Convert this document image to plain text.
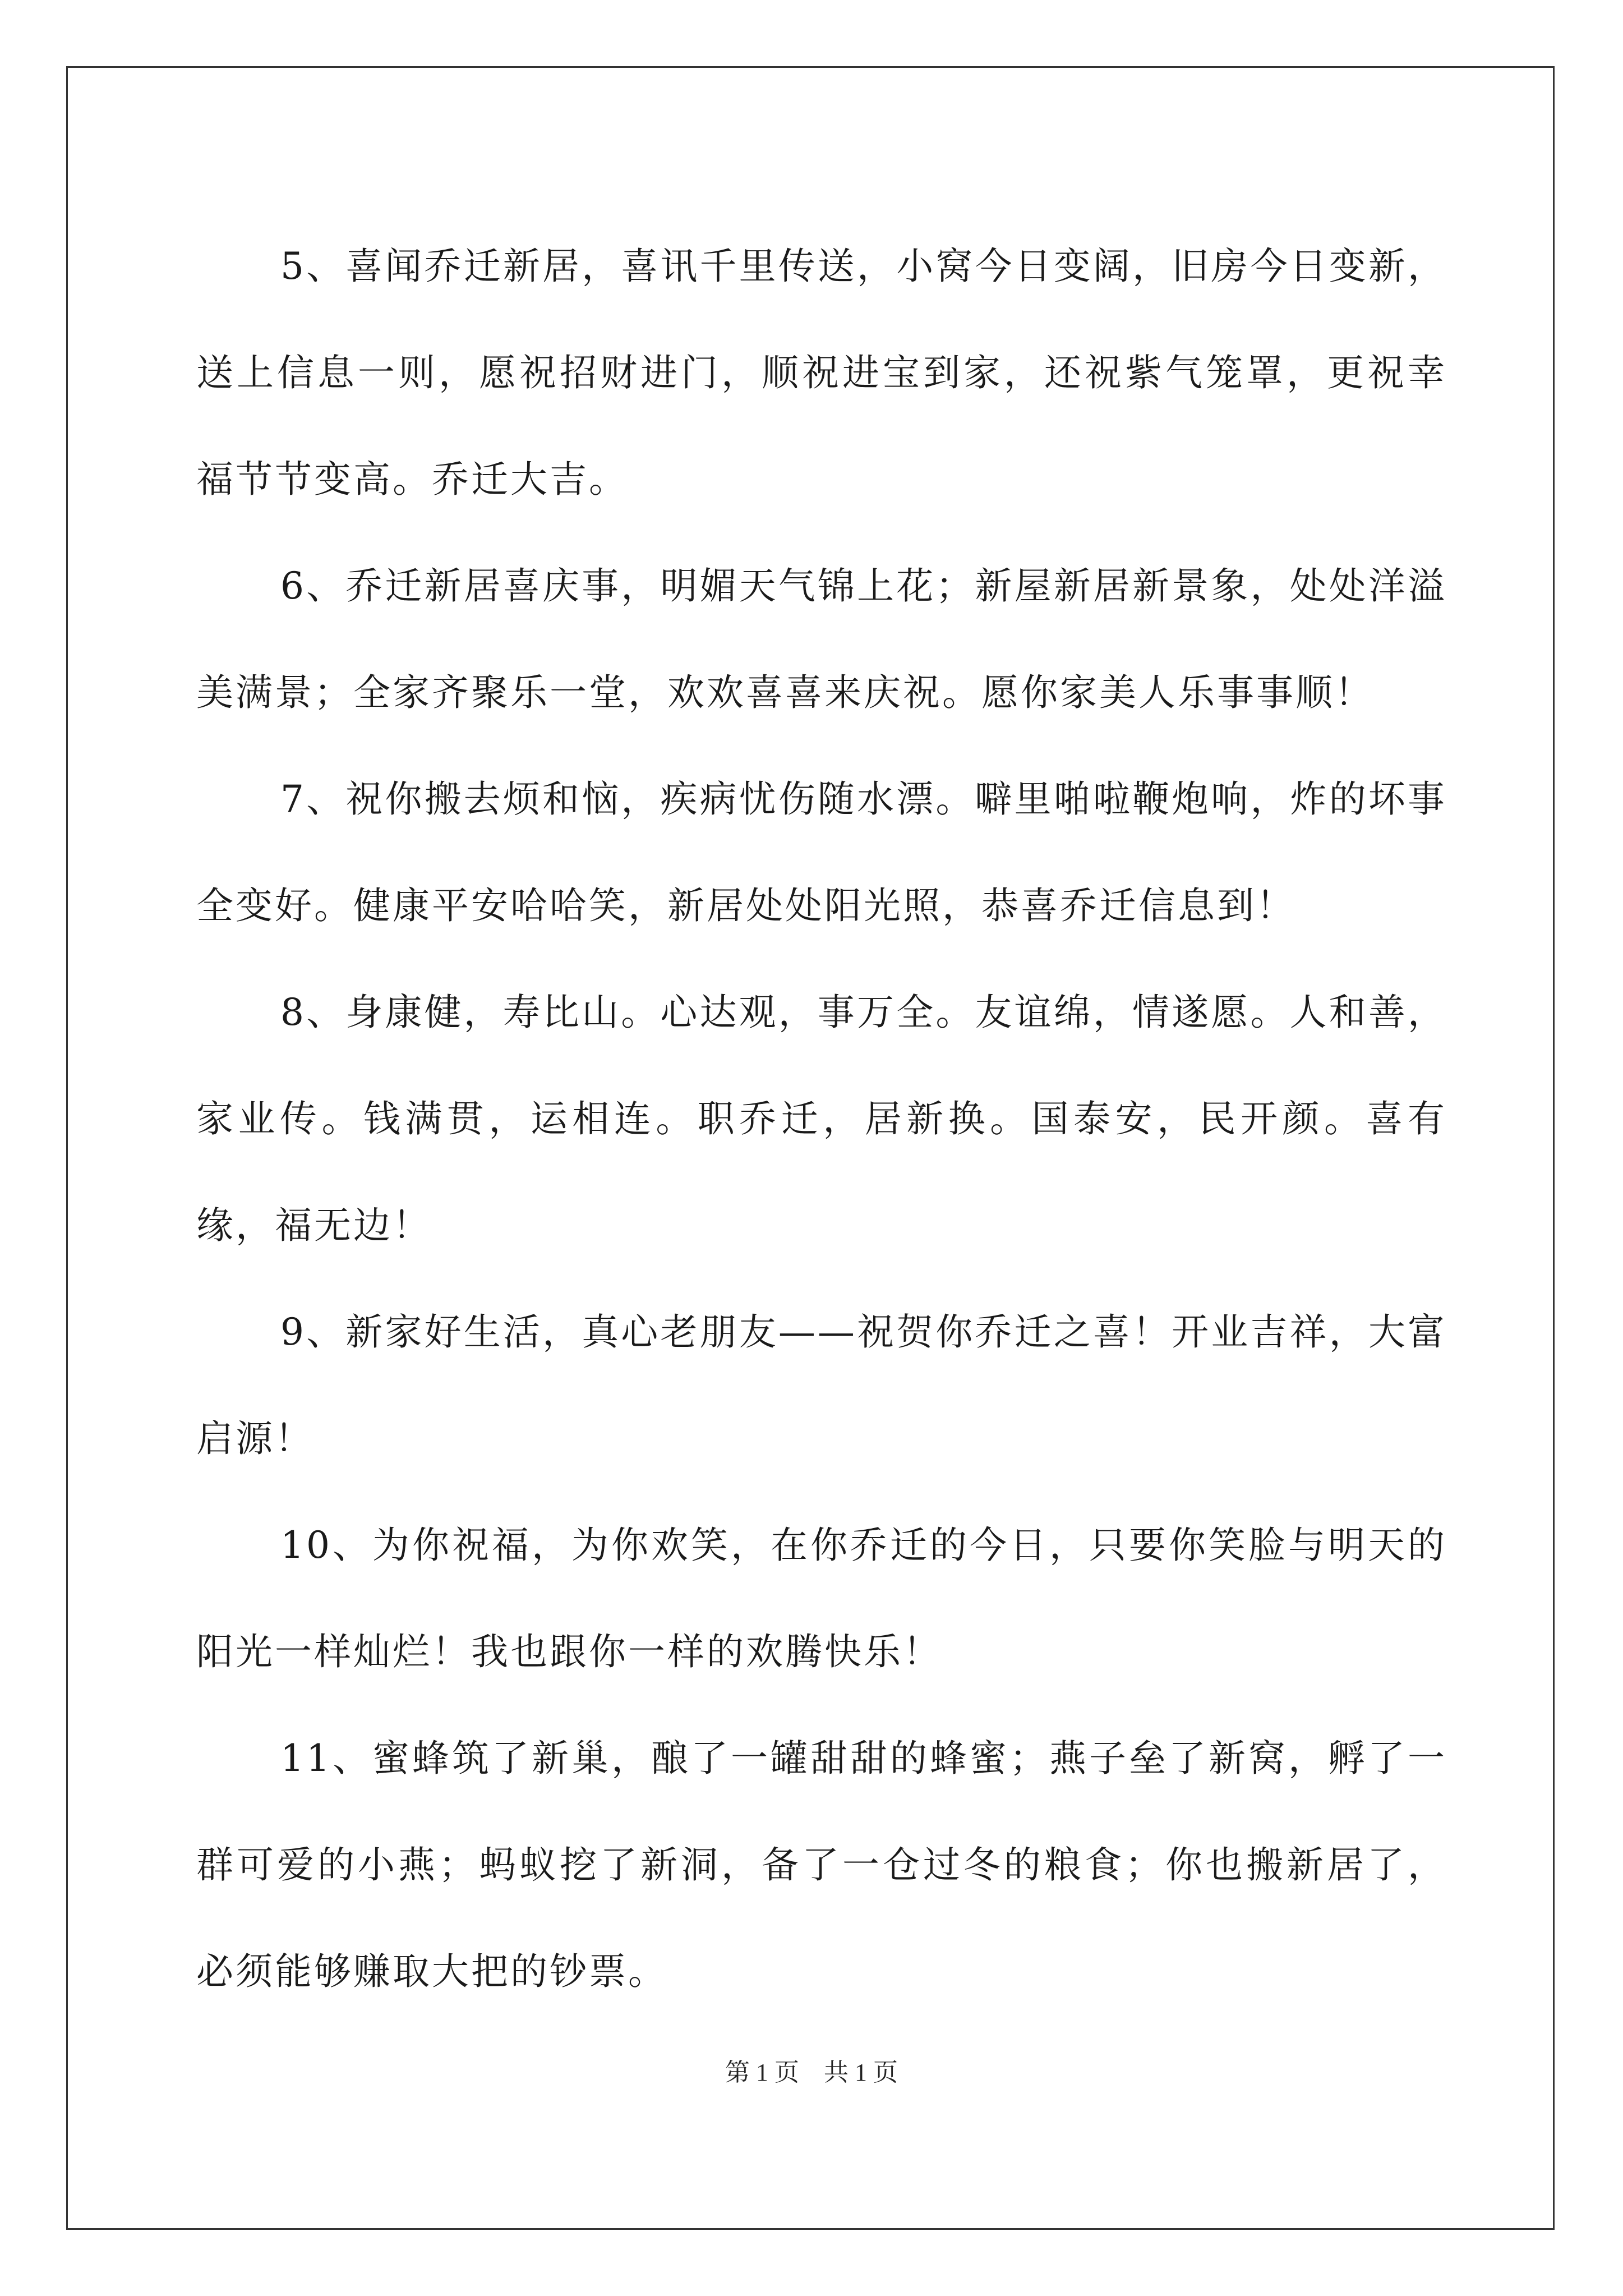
5、喜闻乔迁新居，喜讯千里传送，小窝今日变阔，旧房今日变新，送上信息一则，愿祝招财进门，顺祝进宝到家，还祝紫气笼罩，更祝幸福节节变高。乔迁大吉。

6、乔迁新居喜庆事，明媚天气锦上花；新屋新居新景象，处处洋溢美满景；全家齐聚乐一堂，欢欢喜喜来庆祝。愿你家美人乐事事顺！

7、祝你搬去烦和恼，疾病忧伤随水漂。噼里啪啦鞭炮响，炸的坏事全变好。健康平安哈哈笑，新居处处阳光照，恭喜乔迁信息到！

8、身康健，寿比山。心达观，事万全。友谊绵，情遂愿。人和善，家业传。钱满贯，运相连。职乔迁，居新换。国泰安，民开颜。喜有缘，福无边！

9、新家好生活，真心老朋友——祝贺你乔迁之喜！开业吉祥，大富启源！

10、为你祝福，为你欢笑，在你乔迁的今日，只要你笑脸与明天的阳光一样灿烂！我也跟你一样的欢腾快乐！

11、蜜蜂筑了新巢，酿了一罐甜甜的蜂蜜；燕子垒了新窝，孵了一群可爱的小燕；蚂蚁挖了新洞，备了一仓过冬的粮食；你也搬新居了，必须能够赚取大把的钞票。

第 1 页　共 1 页
